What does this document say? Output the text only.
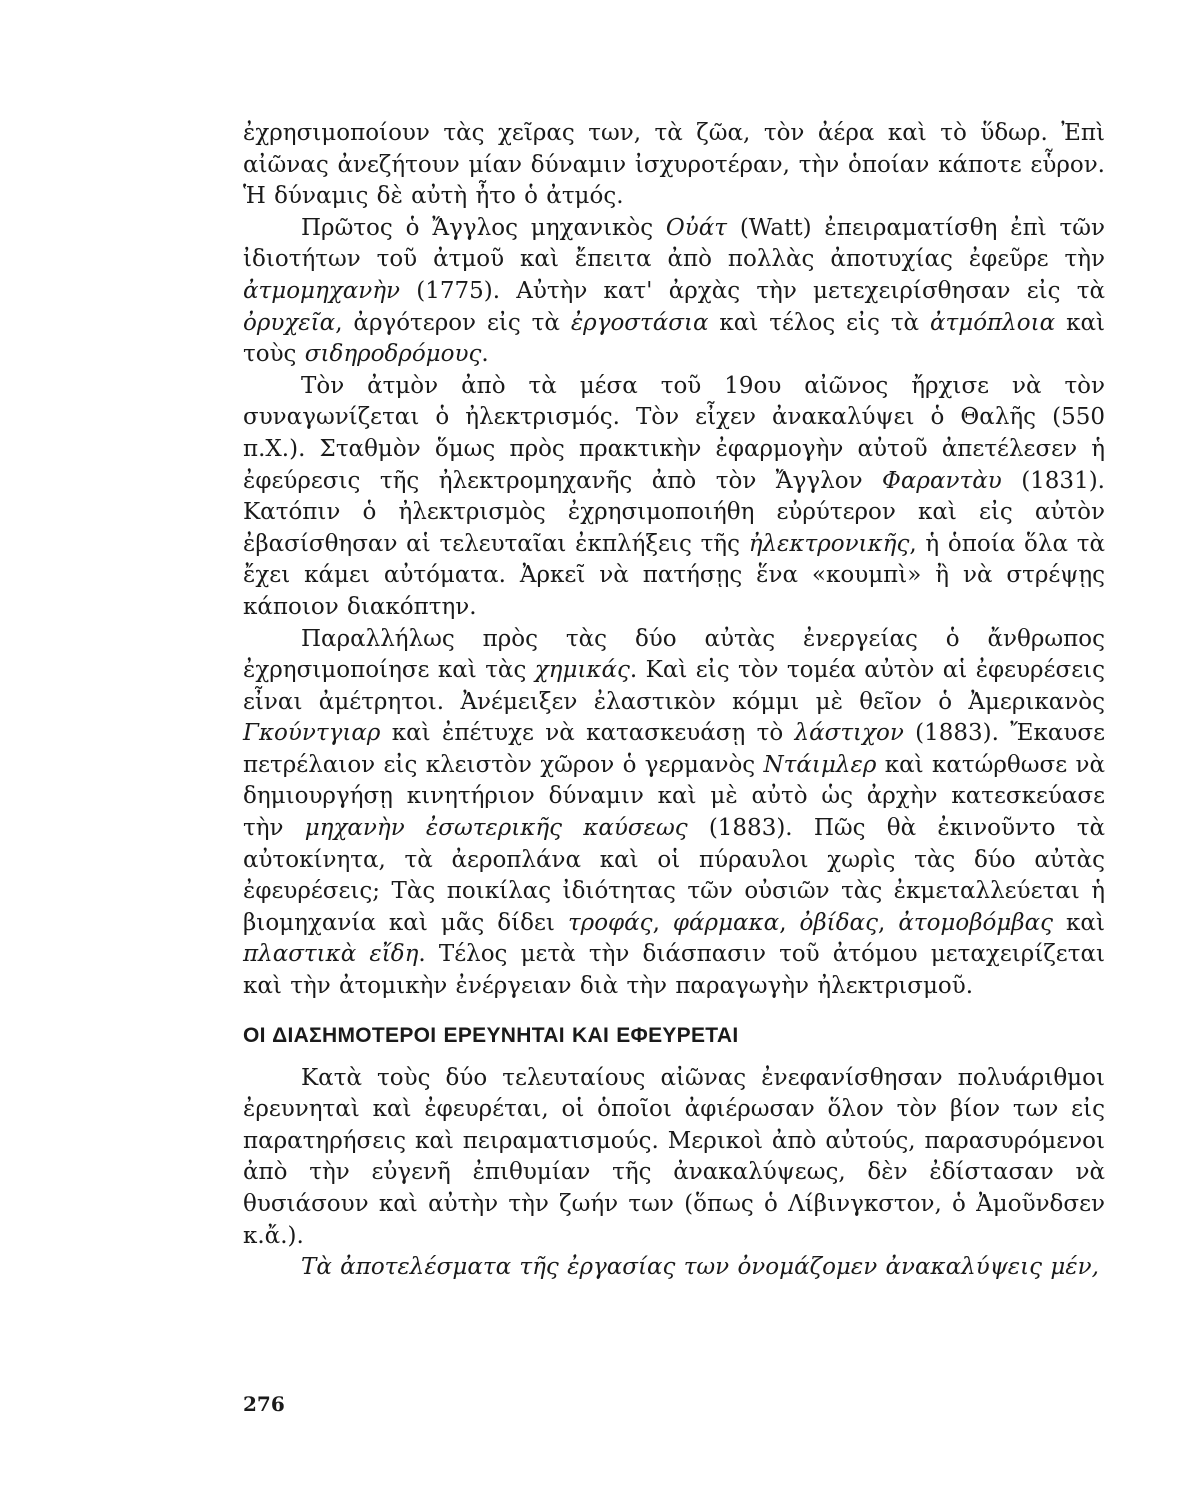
ἐχρησιμοποίουν τὰς χεῖρας των, τὰ ζῶα, τὸν ἀέρα καὶ τὸ ὕδωρ. Ἐπὶ αἰῶνας ἀνεζήτουν μίαν δύναμιν ἰσχυροτέραν, τὴν ὁποίαν κάποτε εὗρον. Ἡ δύναμις δὲ αὐτὴ ἦτο ὁ ἀτμός.

Πρῶτος ὁ Ἄγγλος μηχανικὸς Οὐάτ (Watt) ἐπειραματίσθη ἐπὶ τῶν ἰδιοτήτων τοῦ ἀτμοῦ καὶ ἔπειτα ἀπὸ πολλὰς ἀποτυχίας ἐφεῦρε τὴν ἀτμομηχανὴν (1775). Αὐτὴν κατ' ἀρχὰς τὴν μετεχειρίσθησαν εἰς τὰ ὀρυχεῖα, ἀργότερον εἰς τὰ ἐργοστάσια καὶ τέλος εἰς τὰ ἀτμόπλοια καὶ τοὺς σιδηροδρόμους.

Τὸν ἀτμὸν ἀπὸ τὰ μέσα τοῦ 19ου αἰῶνος ἤρχισε νὰ τὸν συναγωνίζεται ὁ ἠλεκτρισμός. Τὸν εἶχεν ἀνακαλύψει ὁ Θαλῆς (550 π.Χ.). Σταθμὸν ὅμως πρὸς πρακτικὴν ἐφαρμογὴν αὐτοῦ ἀπετέλεσεν ἡ ἐφεύρεσις τῆς ἠλεκτρομηχανῆς ἀπὸ τὸν Ἄγγλον Φαραντὰυ (1831). Κατόπιν ὁ ἠλεκτρισμὸς ἐχρησιμοποιήθη εὐρύτερον καὶ εἰς αὐτὸν ἐβασίσθησαν αἱ τελευταῖαι ἐκπλήξεις τῆς ἠλεκτρονικῆς, ἡ ὁποία ὅλα τὰ ἔχει κάμει αὐτόματα. Ἀρκεῖ νὰ πατήσῃς ἕνα «κουμπὶ» ἢ νὰ στρέψῃς κάποιον διακόπτην.

Παραλλήλως πρὸς τὰς δύο αὐτὰς ἐνεργείας ὁ ἄνθρωπος ἐχρησιμοποίησε καὶ τὰς χημικάς. Καὶ εἰς τὸν τομέα αὐτὸν αἱ ἐφευρέσεις εἶναι ἀμέτρητοι. Ἀνέμειξεν ἐλαστικὸν κόμμι μὲ θεῖον ὁ Ἀμερικανὸς Γκούντγιαρ καὶ ἐπέτυχε νὰ κατασκευάσῃ τὸ λάστιχον (1883). Ἔκαυσε πετρέλαιον εἰς κλειστὸν χῶρον ὁ γερμανὸς Ντάιμλερ καὶ κατώρθωσε νὰ δημιουργήσῃ κινητήριον δύναμιν καὶ μὲ αὐτὸ ὡς ἀρχὴν κατεσκεύασε τὴν μηχανὴν ἐσωτερικῆς καύσεως (1883). Πῶς θὰ ἐκινοῦντο τὰ αὐτοκίνητα, τὰ ἀεροπλάνα καὶ οἱ πύραυλοι χωρὶς τὰς δύο αὐτὰς ἐφευρέσεις; Τὰς ποικίλας ἰδιότητας τῶν οὐσιῶν τὰς ἐκμεταλλεύεται ἡ βιομηχανία καὶ μᾶς δίδει τροφάς, φάρμακα, ὀβίδας, ἀτομοβόμβας καὶ πλαστικὰ εἴδη. Τέλος μετὰ τὴν διάσπασιν τοῦ ἀτόμου μεταχειρίζεται καὶ τὴν ἀτομικὴν ἐνέργειαν διὰ τὴν παραγωγὴν ἠλεκτρισμοῦ.

ΟΙ ΔΙΑΣΗΜΟΤΕΡΟΙ ΕΡΕΥΝΗΤΑΙ ΚΑΙ ΕΦΕΥΡΕΤΑΙ

Κατὰ τοὺς δύο τελευταίους αἰῶνας ἐνεφανίσθησαν πολυάριθμοι ἐρευνηταὶ καὶ ἐφευρέται, οἱ ὁποῖοι ἀφιέρωσαν ὅλον τὸν βίον των εἰς παρατηρήσεις καὶ πειραματισμούς. Μερικοὶ ἀπὸ αὐτούς, παρασυρόμενοι ἀπὸ τὴν εὐγενῆ ἐπιθυμίαν τῆς ἀνακαλύψεως, δὲν ἐδίστασαν νὰ θυσιάσουν καὶ αὐτὴν τὴν ζωήν των (ὅπως ὁ Λίβινγκστον, ὁ Ἀμοῦνδσεν κ.ἄ.).

Τὰ ἀποτελέσματα τῆς ἐργασίας των ὀνομάζομεν ἀνακαλύψεις μέν,

276
